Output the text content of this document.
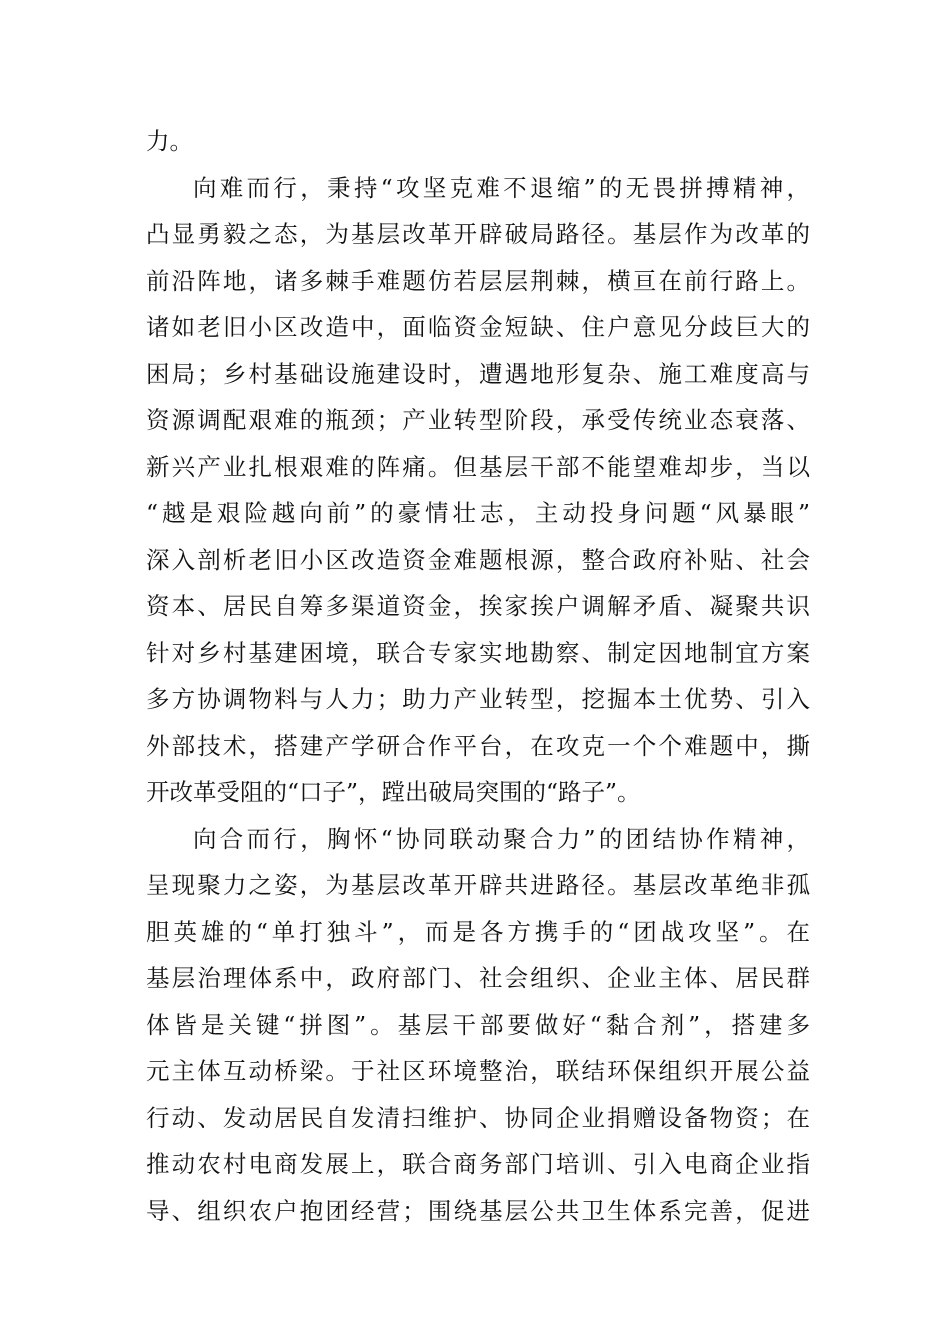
力。
向难而行，秉持“攻坚克难不退缩”的无畏拼搏精神，
凸显勇毅之态，为基层改革开辟破局路径。基层作为改革的
前沿阵地，诸多棘手难题仿若层层荆棘，横亘在前行路上。
诸如老旧小区改造中，面临资金短缺、住户意见分歧巨大的
困局；乡村基础设施建设时，遭遇地形复杂、施工难度高与
资源调配艰难的瓶颈；产业转型阶段，承受传统业态衰落、
新兴产业扎根艰难的阵痛。但基层干部不能望难却步，当以
“越是艰险越向前”的豪情壮志，主动投身问题“风暴眼”
深入剖析老旧小区改造资金难题根源，整合政府补贴、社会
资本、居民自筹多渠道资金，挨家挨户调解矛盾、凝聚共识
针对乡村基建困境，联合专家实地勘察、制定因地制宜方案
多方协调物料与人力；助力产业转型，挖掘本土优势、引入
外部技术，搭建产学研合作平台，在攻克一个个难题中，撕
开改革受阻的“口子”，蹚出破局突围的“路子”。
向合而行，胸怀“协同联动聚合力”的团结协作精神，
呈现聚力之姿，为基层改革开辟共进路径。基层改革绝非孤
胆英雄的“单打独斗”，而是各方携手的“团战攻坚”。在
基层治理体系中，政府部门、社会组织、企业主体、居民群
体皆是关键“拼图”。基层干部要做好“黏合剂”，搭建多
元主体互动桥梁。于社区环境整治，联结环保组织开展公益
行动、发动居民自发清扫维护、协同企业捐赠设备物资；在
推动农村电商发展上，联合商务部门培训、引入电商企业指
导、组织农户抱团经营；围绕基层公共卫生体系完善，促进
